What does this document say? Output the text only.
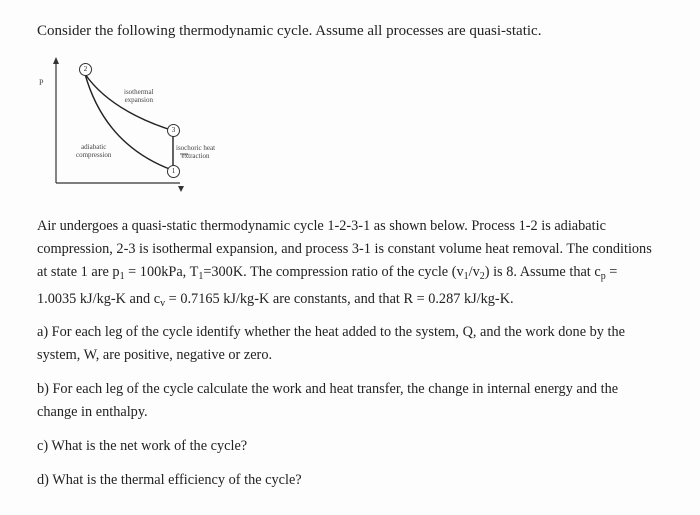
Consider the following thermodynamic cycle. Assume all processes are quasi-static.
P
isothermal
expansion
adiabatic
compression
isochoric heat
extraction
2
3
1
Air undergoes a quasi-static thermodynamic cycle 1-2-3-1 as shown below. Process 1-2 is adiabatic
compression, 2-3 is isothermal expansion, and process 3-1 is constant volume heat removal. The conditions
at state 1 are $p_1 = 100kPa$, $T_1=300K$. The compression ratio of the cycle $(v_1/v_2)$ is 8. Assume that $c_p$ =
1.0035 kJ/kg-K and $c_v = 0.7165$ kJ/kg-K are constants, and that R = 0.287 kJ/kg-K.
a) For each leg of the cycle identify whether the heat added to the system, Q, and the work done by the
system, W, are positive, negative or zero.
b) For each leg of the cycle calculate the work and heat transfer, the change in internal energy and the
change in enthalpy.
c) What is the net work of the cycle?
d) What is the thermal efficiency of the cycle?
